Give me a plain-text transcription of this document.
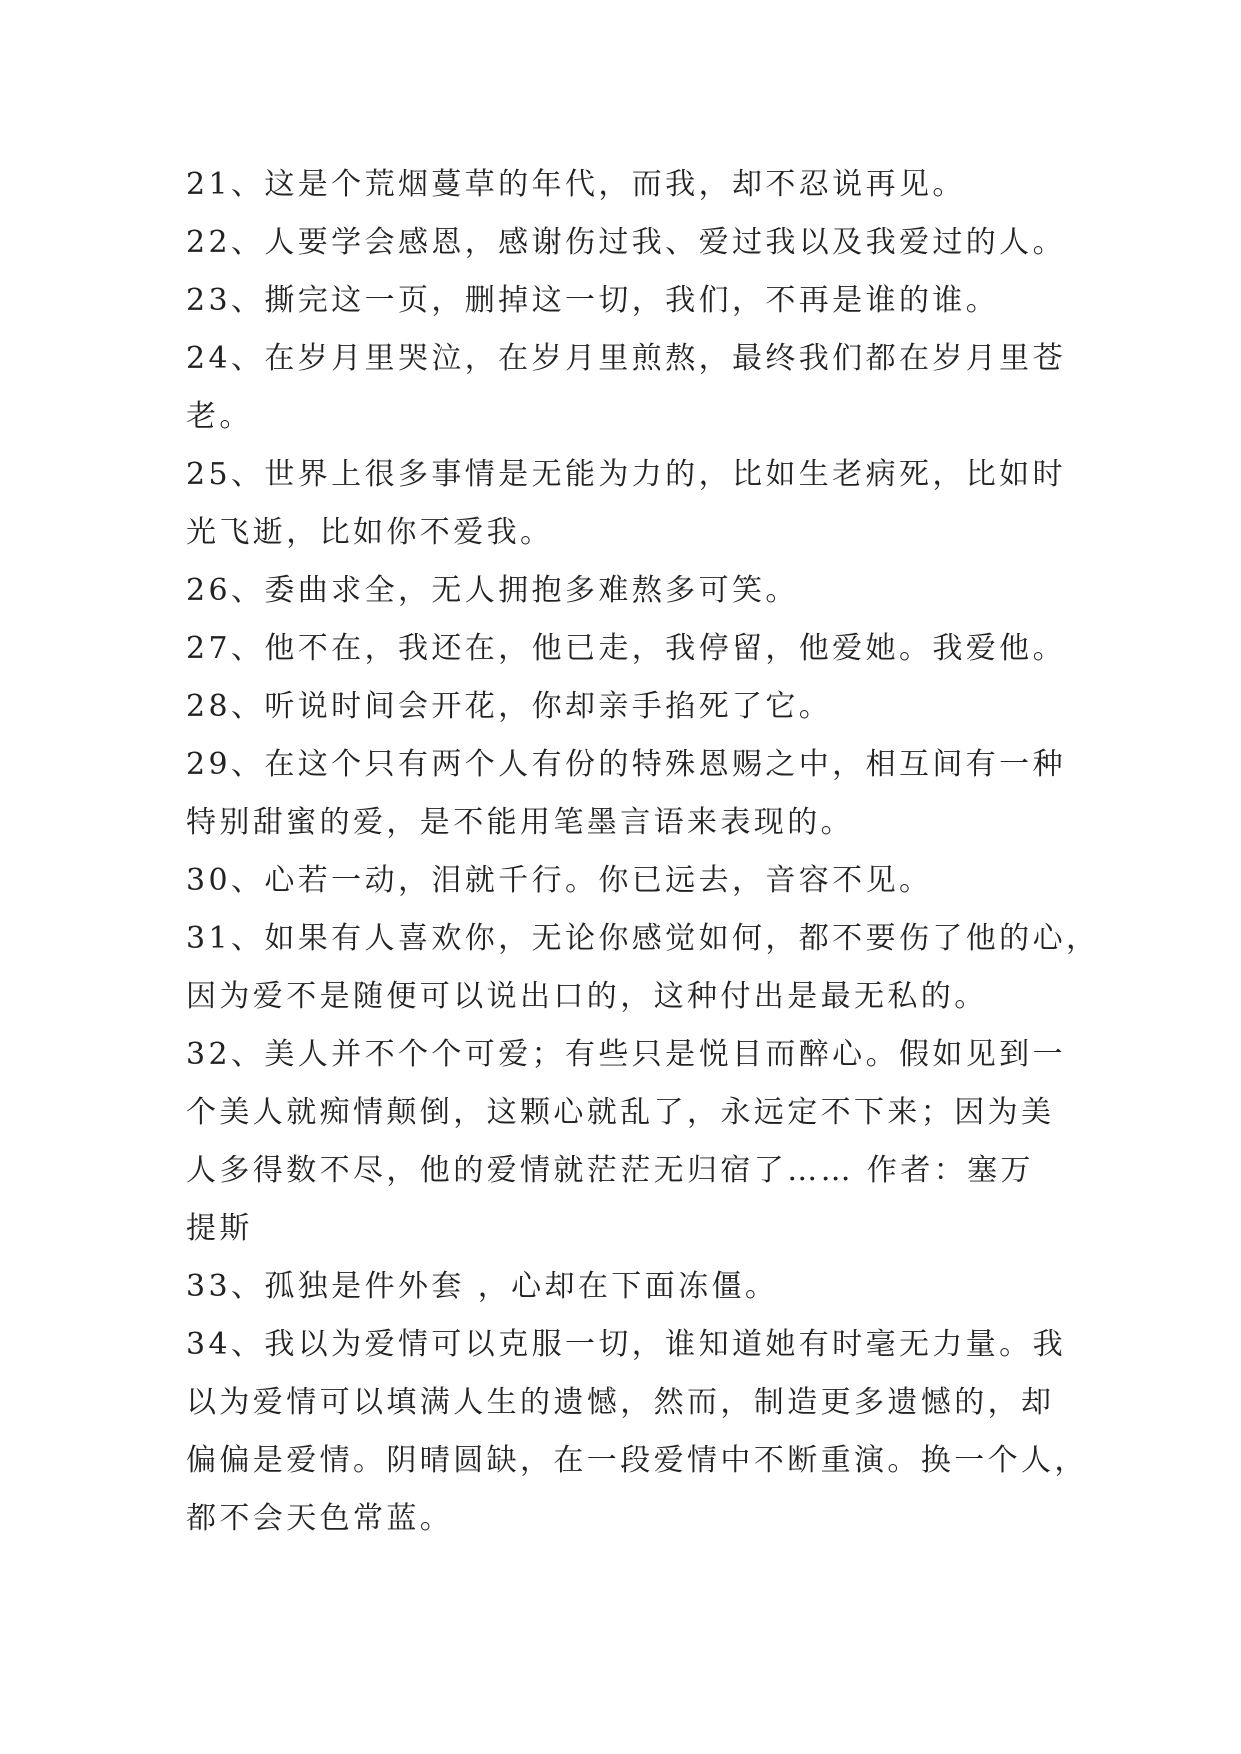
21、这是个荒烟蔓草的年代，而我，却不忍说再见。
22、人要学会感恩，感谢伤过我、爱过我以及我爱过的人。
23、撕完这一页，删掉这一切，我们，不再是谁的谁。
24、在岁月里哭泣，在岁月里煎熬，最终我们都在岁月里苍
老。
25、世界上很多事情是无能为力的，比如生老病死，比如时
光飞逝，比如你不爱我。
26、委曲求全，无人拥抱多难熬多可笑。
27、他不在，我还在，他已走，我停留，他爱她。我爱他。
28、听说时间会开花，你却亲手掐死了它。
29、在这个只有两个人有份的特殊恩赐之中，相互间有一种
特别甜蜜的爱，是不能用笔墨言语来表现的。
30、心若一动，泪就千行。你已远去，音容不见。
31、如果有人喜欢你，无论你感觉如何，都不要伤了他的心，
因为爱不是随便可以说出口的，这种付出是最无私的。
32、美人并不个个可爱；有些只是悦目而醉心。假如见到一
个美人就痴情颠倒，这颗心就乱了，永远定不下来；因为美
人多得数不尽，他的爱情就茫茫无归宿了…… 作者：塞万
提斯
33、孤独是件外套 ，心却在下面冻僵。
34、我以为爱情可以克服一切，谁知道她有时毫无力量。我
以为爱情可以填满人生的遗憾，然而，制造更多遗憾的，却
偏偏是爱情。阴晴圆缺，在一段爱情中不断重演。换一个人，
都不会天色常蓝。
